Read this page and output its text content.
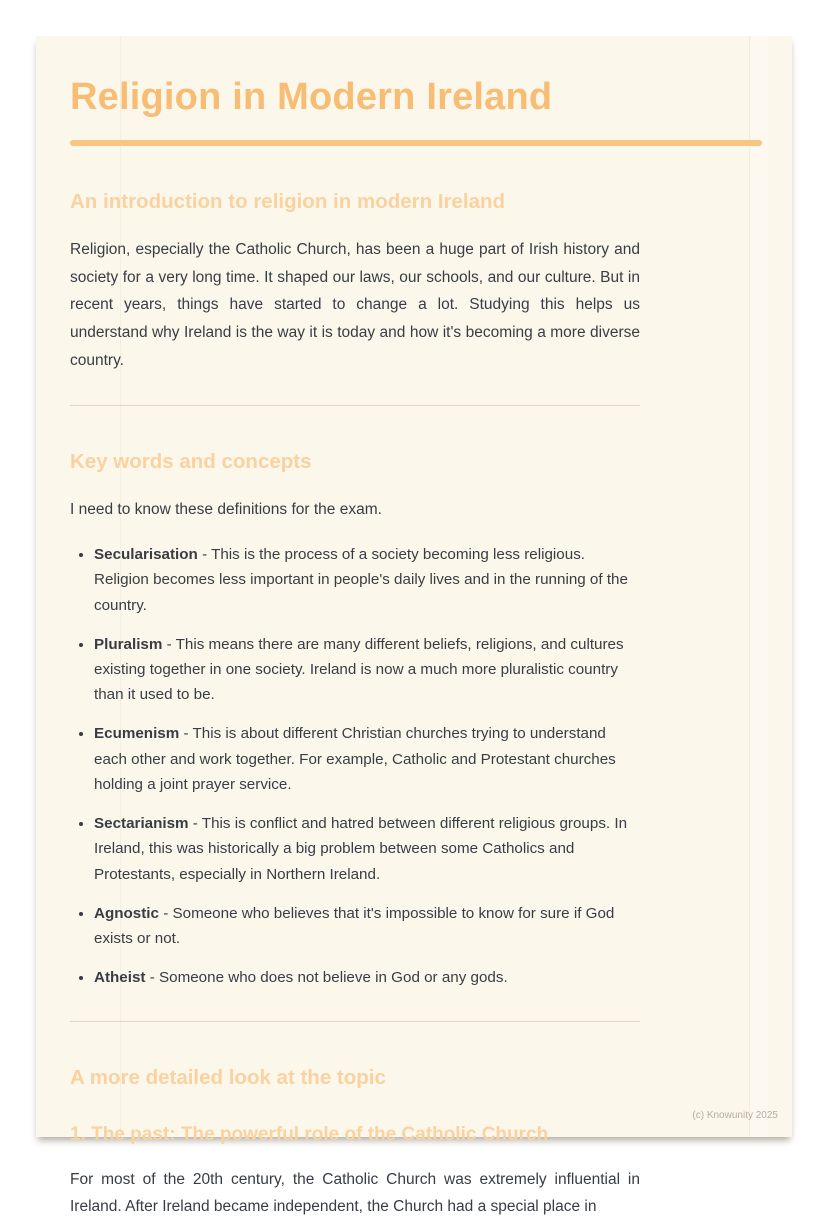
Religion in Modern Ireland
An introduction to religion in modern Ireland

Religion, especially the Catholic Church, has been a huge part of Irish history and society for a very long time. It shaped our laws, our schools, and our culture. But in recent years, things have started to change a lot. Studying this helps us understand why Ireland is the way it is today and how it's becoming a more diverse country.

Key words and concepts

I need to know these definitions for the exam.

• Secularisation - This is the process of a society becoming less religious. Religion becomes less important in people's daily lives and in the running of the country.
• Pluralism - This means there are many different beliefs, religions, and cultures existing together in one society. Ireland is now a much more pluralistic country than it used to be.
• Ecumenism - This is about different Christian churches trying to understand each other and work together. For example, Catholic and Protestant churches holding a joint prayer service.
• Sectarianism - This is conflict and hatred between different religious groups. In Ireland, this was historically a big problem between some Catholics and Protestants, especially in Northern Ireland.
• Agnostic - Someone who believes that it's impossible to know for sure if God exists or not.
• Atheist - Someone who does not believe in God or any gods.
A more detailed look at the topic
1. The past: The powerful role of the Catholic Church

For most of the 20th century, the Catholic Church was extremely influential in Ireland. After Ireland became independent, the Church had a special place in

(c) Knowunity 2025
